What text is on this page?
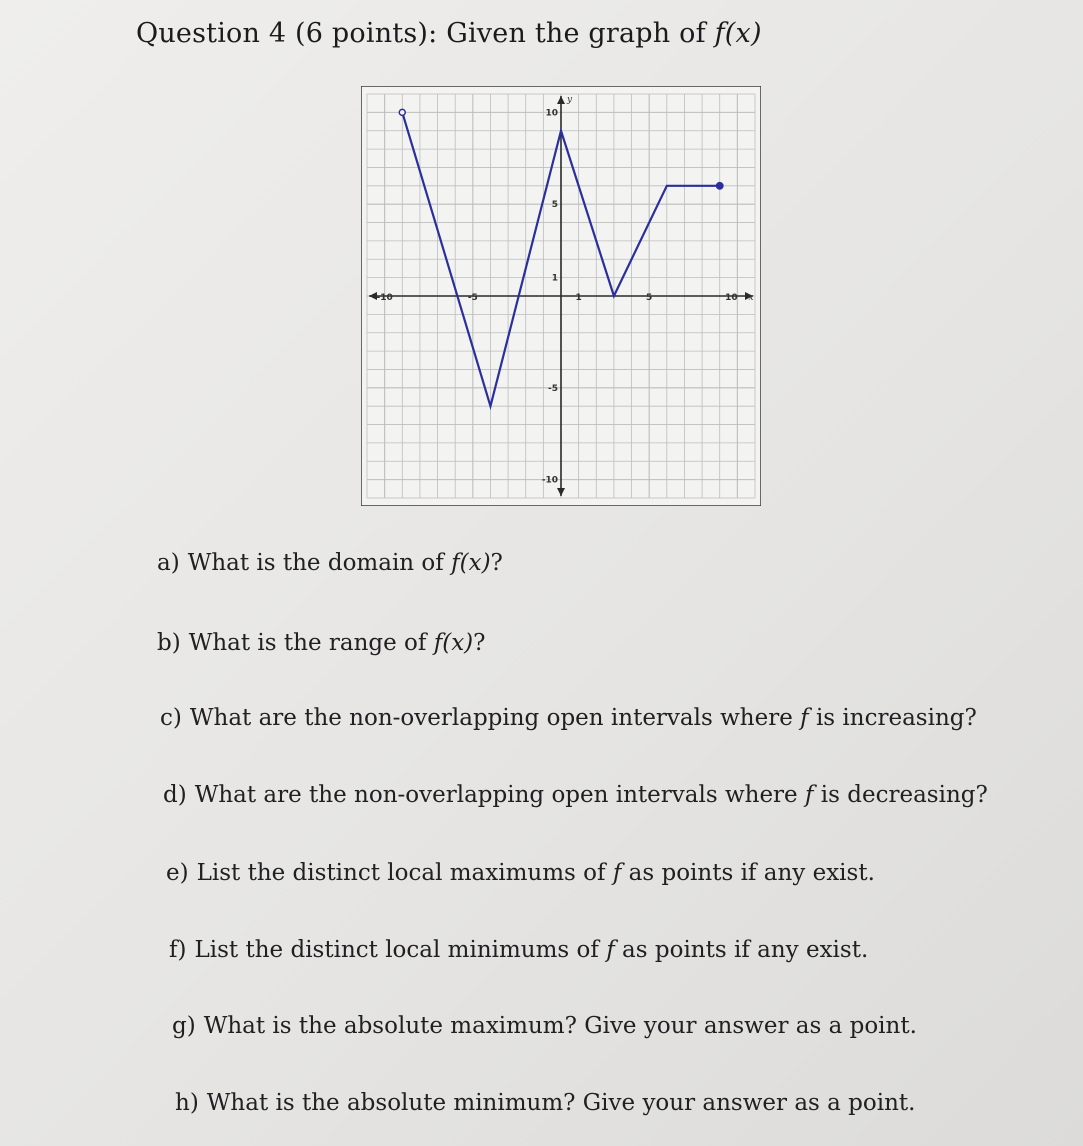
Question 4 (6 points): Given the graph of f(x)
-10	-5	1	5	10
10
5
1
-5
-10
x
y
a) What is the domain of f(x)?
b) What is the range of f(x)?
c) What are the non-overlapping open intervals where f is increasing?
d) What are the non-overlapping open intervals where f is decreasing?
e) List the distinct local maximums of f as points if any exist.
f) List the distinct local minimums of f as points if any exist.
g) What is the absolute maximum? Give your answer as a point.
h) What is the absolute minimum? Give your answer as a point.
